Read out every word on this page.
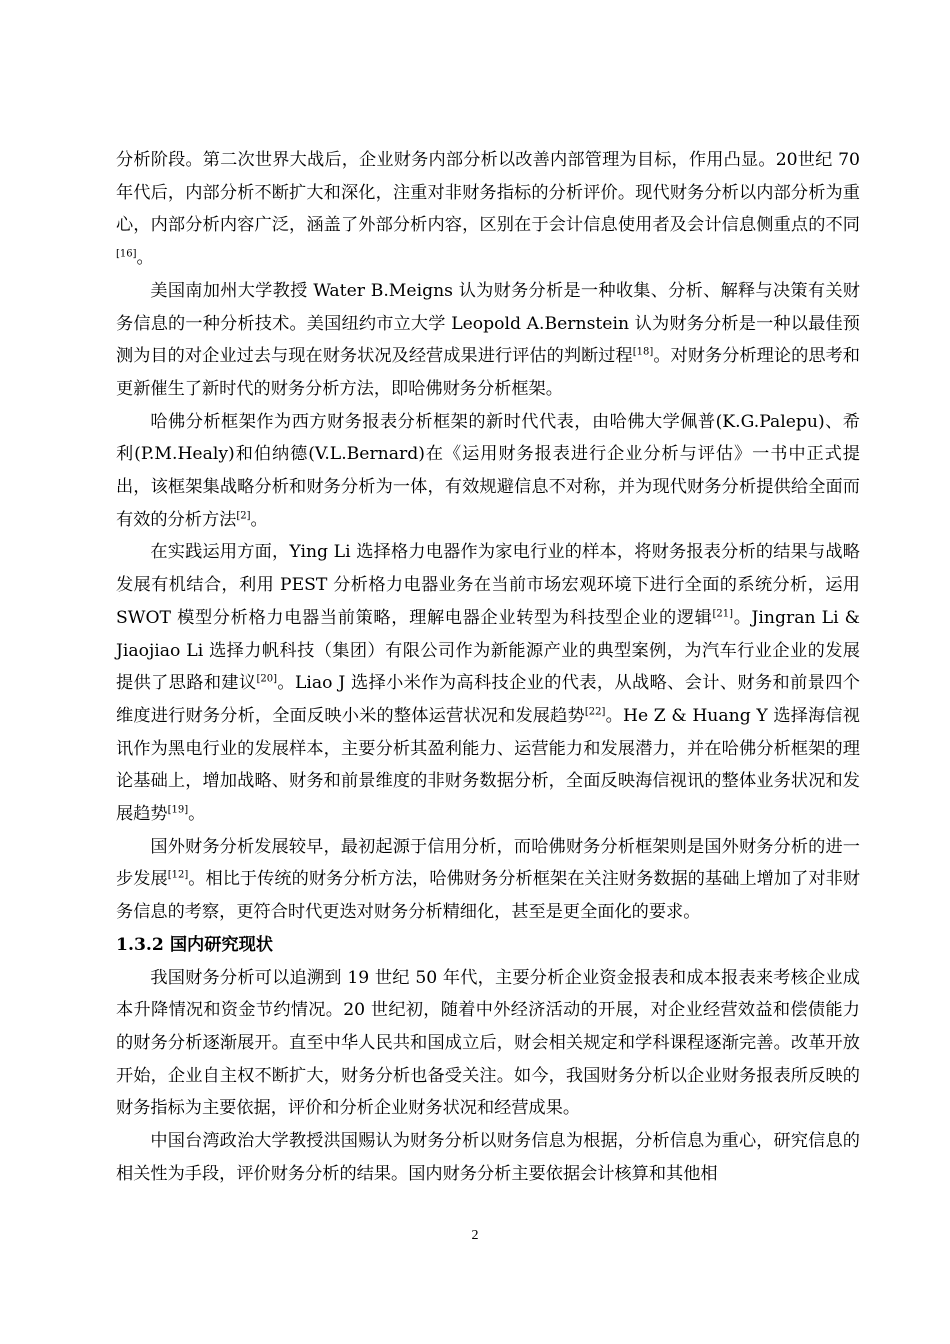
分析阶段。第二次世界大战后，企业财务内部分析以改善内部管理为目标，作用凸显。20世纪 70 年代后，内部分析不断扩大和深化，注重对非财务指标的分析评价。现代财务分析以内部分析为重心，内部分析内容广泛，涵盖了外部分析内容，区别在于会计信息使用者及会计信息侧重点的不同[16]。

美国南加州大学教授 Water B.Meigns 认为财务分析是一种收集、分析、解释与决策有关财务信息的一种分析技术。美国纽约市立大学 Leopold A.Bernstein 认为财务分析是一种以最佳预测为目的对企业过去与现在财务状况及经营成果进行评估的判断过程[18]。对财务分析理论的思考和更新催生了新时代的财务分析方法，即哈佛财务分析框架。

哈佛分析框架作为西方财务报表分析框架的新时代代表，由哈佛大学佩普(K.G.Palepu)、希利(P.M.Healy)和伯纳德(V.L.Bernard)在《运用财务报表进行企业分析与评估》一书中正式提出，该框架集战略分析和财务分析为一体，有效规避信息不对称，并为现代财务分析提供给全面而有效的分析方法[2]。

在实践运用方面，Ying Li 选择格力电器作为家电行业的样本，将财务报表分析的结果与战略发展有机结合，利用 PEST 分析格力电器业务在当前市场宏观环境下进行全面的系统分析，运用 SWOT 模型分析格力电器当前策略，理解电器企业转型为科技型企业的逻辑[21]。Jingran Li & Jiaojiao Li 选择力帆科技（集团）有限公司作为新能源产业的典型案例，为汽车行业企业的发展提供了思路和建议[20]。Liao J 选择小米作为高科技企业的代表，从战略、会计、财务和前景四个维度进行财务分析，全面反映小米的整体运营状况和发展趋势[22]。He Z & Huang Y 选择海信视讯作为黑电行业的发展样本，主要分析其盈利能力、运营能力和发展潜力，并在哈佛分析框架的理论基础上，增加战略、财务和前景维度的非财务数据分析，全面反映海信视讯的整体业务状况和发展趋势[19]。

国外财务分析发展较早，最初起源于信用分析，而哈佛财务分析框架则是国外财务分析的进一步发展[12]。相比于传统的财务分析方法，哈佛财务分析框架在关注财务数据的基础上增加了对非财务信息的考察，更符合时代更迭对财务分析精细化，甚至是更全面化的要求。

1.3.2 国内研究现状

我国财务分析可以追溯到 19 世纪 50 年代，主要分析企业资金报表和成本报表来考核企业成本升降情况和资金节约情况。20 世纪初，随着中外经济活动的开展，对企业经营效益和偿债能力的财务分析逐渐展开。直至中华人民共和国成立后，财会相关规定和学科课程逐渐完善。改革开放开始，企业自主权不断扩大，财务分析也备受关注。如今，我国财务分析以企业财务报表所反映的财务指标为主要依据，评价和分析企业财务状况和经营成果。

中国台湾政治大学教授洪国赐认为财务分析以财务信息为根据，分析信息为重心，研究信息的相关性为手段，评价财务分析的结果。国内财务分析主要依据会计核算和其他相

2
